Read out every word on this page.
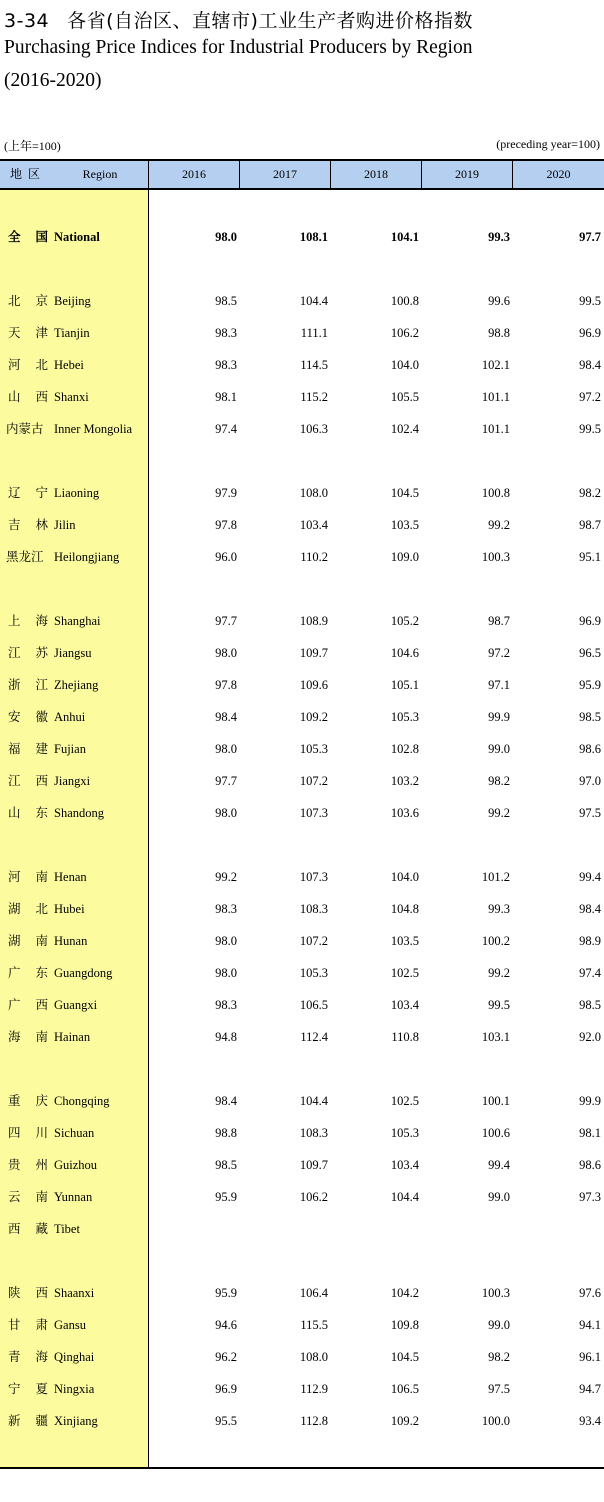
3-34 各省(自治区、直辖市)工业生产者购进价格指数
Purchasing Price Indices for Industrial Producers by Region
(2016-2020)
(上年=100)	(preceding year=100)
地区	Region	2016	2017	2018	2019	2020
全国 National	98.0	108.1	104.1	99.3	97.7
北京 Beijing	98.5	104.4	100.8	99.6	99.5
天津 Tianjin	98.3	111.1	106.2	98.8	96.9
河北 Hebei	98.3	114.5	104.0	102.1	98.4
山西 Shanxi	98.1	115.2	105.5	101.1	97.2
内蒙古 Inner Mongolia	97.4	106.3	102.4	101.1	99.5
辽宁 Liaoning	97.9	108.0	104.5	100.8	98.2
吉林 Jilin	97.8	103.4	103.5	99.2	98.7
黑龙江 Heilongjiang	96.0	110.2	109.0	100.3	95.1
上海 Shanghai	97.7	108.9	105.2	98.7	96.9
江苏 Jiangsu	98.0	109.7	104.6	97.2	96.5
浙江 Zhejiang	97.8	109.6	105.1	97.1	95.9
安徽 Anhui	98.4	109.2	105.3	99.9	98.5
福建 Fujian	98.0	105.3	102.8	99.0	98.6
江西 Jiangxi	97.7	107.2	103.2	98.2	97.0
山东 Shandong	98.0	107.3	103.6	99.2	97.5
河南 Henan	99.2	107.3	104.0	101.2	99.4
湖北 Hubei	98.3	108.3	104.8	99.3	98.4
湖南 Hunan	98.0	107.2	103.5	100.2	98.9
广东 Guangdong	98.0	105.3	102.5	99.2	97.4
广西 Guangxi	98.3	106.5	103.4	99.5	98.5
海南 Hainan	94.8	112.4	110.8	103.1	92.0
重庆 Chongqing	98.4	104.4	102.5	100.1	99.9
四川 Sichuan	98.8	108.3	105.3	100.6	98.1
贵州 Guizhou	98.5	109.7	103.4	99.4	98.6
云南 Yunnan	95.9	106.2	104.4	99.0	97.3
西藏 Tibet
陕西 Shaanxi	95.9	106.4	104.2	100.3	97.6
甘肃 Gansu	94.6	115.5	109.8	99.0	94.1
青海 Qinghai	96.2	108.0	104.5	98.2	96.1
宁夏 Ningxia	96.9	112.9	106.5	97.5	94.7
新疆 Xinjiang	95.5	112.8	109.2	100.0	93.4
